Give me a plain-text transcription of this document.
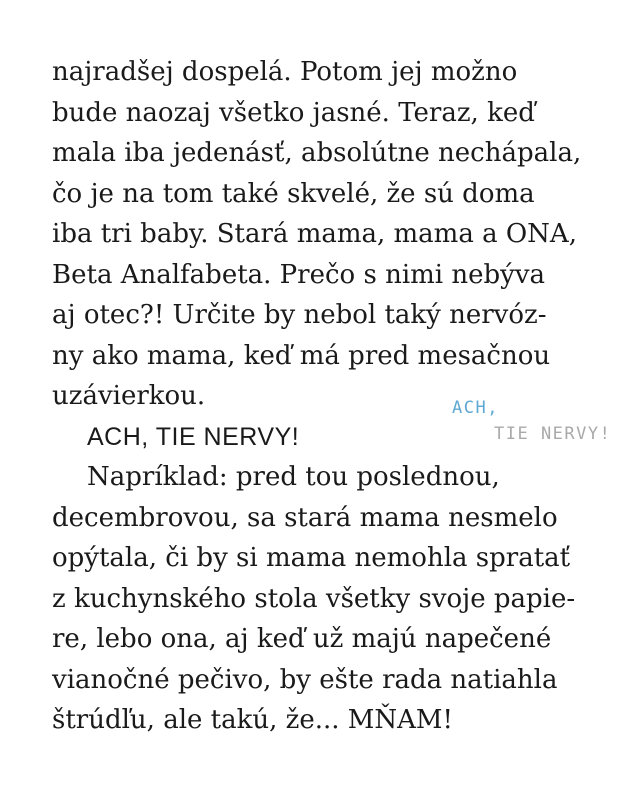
najradšej dospelá. Potom jej možno
bude naozaj všetko jasné. Teraz, keď
mala iba jedenásť, absolútne nechápala,
čo je na tom také skvelé, že sú doma
iba tri baby. Stará mama, mama a ONA,
Beta Analfabeta. Prečo s nimi nebýva
aj otec?! Určite by nebol taký nervóz-
ny ako mama, keď má pred mesačnou
uzávierkou.
ACH, TIE NERVY!
Napríklad: pred tou poslednou,
decembrovou, sa stará mama nesmelo
opýtala, či by si mama nemohla spratať
z kuchynského stola všetky svoje papie-
re, lebo ona, aj keď už majú napečené
vianočné pečivo, by ešte rada natiahla
štrúdľu, ale takú, že... MŇAM!
ACH,
TIE NERVY!
